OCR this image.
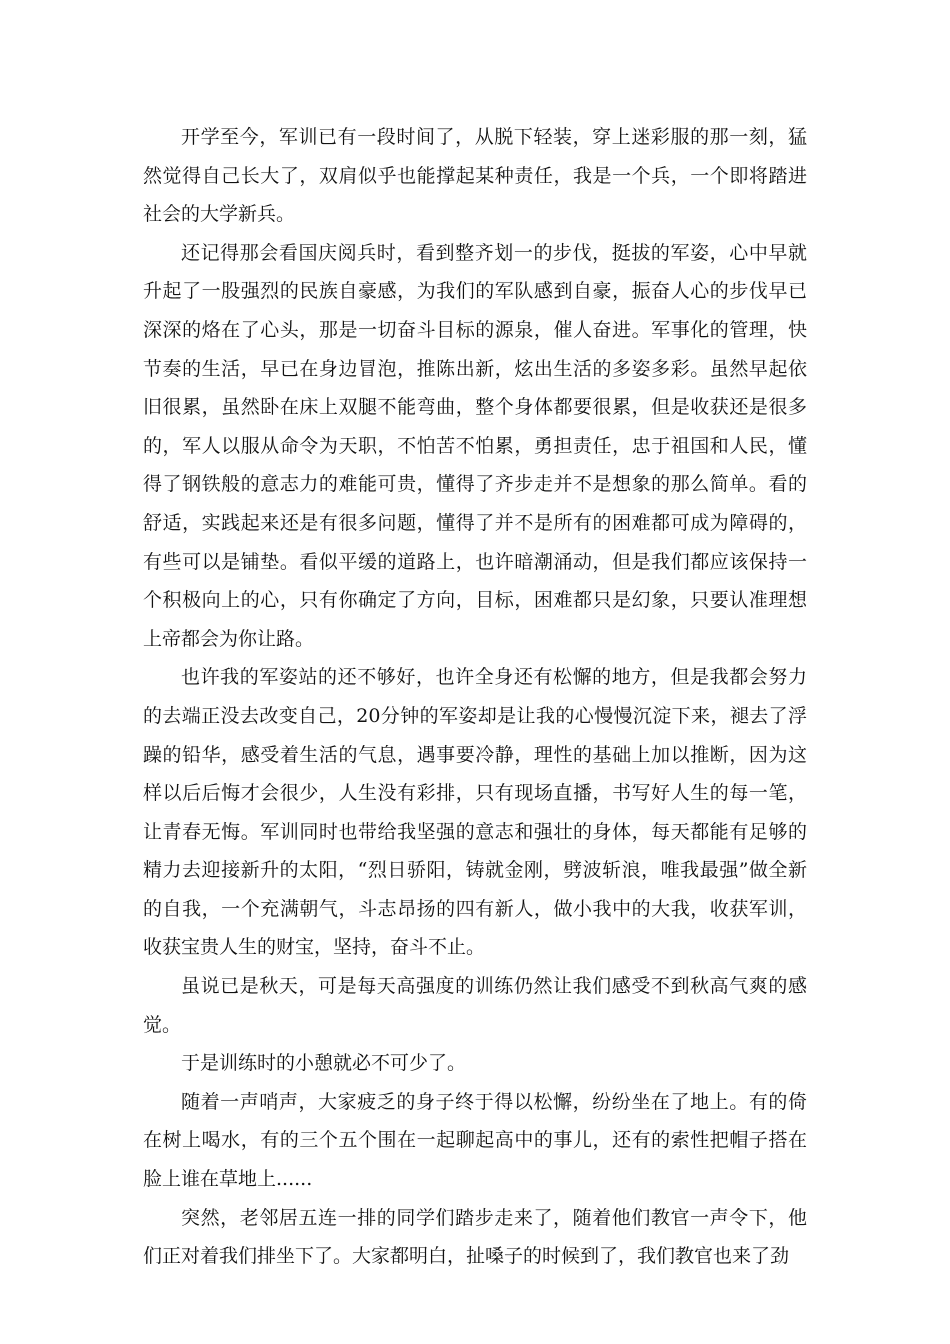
开学至今，军训已有一段时间了，从脱下轻装，穿上迷彩服的那一刻，猛然觉得自己长大了，双肩似乎也能撑起某种责任，我是一个兵，一个即将踏进社会的大学新兵。

还记得那会看国庆阅兵时，看到整齐划一的步伐，挺拔的军姿，心中早就升起了一股强烈的民族自豪感，为我们的军队感到自豪，振奋人心的步伐早已深深的烙在了心头，那是一切奋斗目标的源泉，催人奋进。军事化的管理，快节奏的生活，早已在身边冒泡，推陈出新，炫出生活的多姿多彩。虽然早起依旧很累，虽然卧在床上双腿不能弯曲，整个身体都要很累，但是收获还是很多的，军人以服从命令为天职，不怕苦不怕累，勇担责任，忠于祖国和人民，懂得了钢铁般的意志力的难能可贵，懂得了齐步走并不是想象的那么简单。看的舒适，实践起来还是有很多问题，懂得了并不是所有的困难都可成为障碍的，有些可以是铺垫。看似平缓的道路上，也许暗潮涌动，但是我们都应该保持一个积极向上的心，只有你确定了方向，目标，困难都只是幻象，只要认准理想上帝都会为你让路。

也许我的军姿站的还不够好，也许全身还有松懈的地方，但是我都会努力的去端正没去改变自己，20分钟的军姿却是让我的心慢慢沉淀下来，褪去了浮躁的铅华，感受着生活的气息，遇事要冷静，理性的基础上加以推断，因为这样以后后悔才会很少，人生没有彩排，只有现场直播，书写好人生的每一笔，让青春无悔。军训同时也带给我坚强的意志和强壮的身体，每天都能有足够的精力去迎接新升的太阳，“烈日骄阳，铸就金刚，劈波斩浪，唯我最强”做全新的自我，一个充满朝气，斗志昂扬的四有新人，做小我中的大我，收获军训，收获宝贵人生的财宝，坚持，奋斗不止。

虽说已是秋天，可是每天高强度的训练仍然让我们感受不到秋高气爽的感觉。

于是训练时的小憩就必不可少了。

随着一声哨声，大家疲乏的身子终于得以松懈，纷纷坐在了地上。有的倚在树上喝水，有的三个五个围在一起聊起高中的事儿，还有的索性把帽子搭在脸上谁在草地上......

突然，老邻居五连一排的同学们踏步走来了，随着他们教官一声令下，他们正对着我们排坐下了。大家都明白，扯嗓子的时候到了，我们教官也来了劲
